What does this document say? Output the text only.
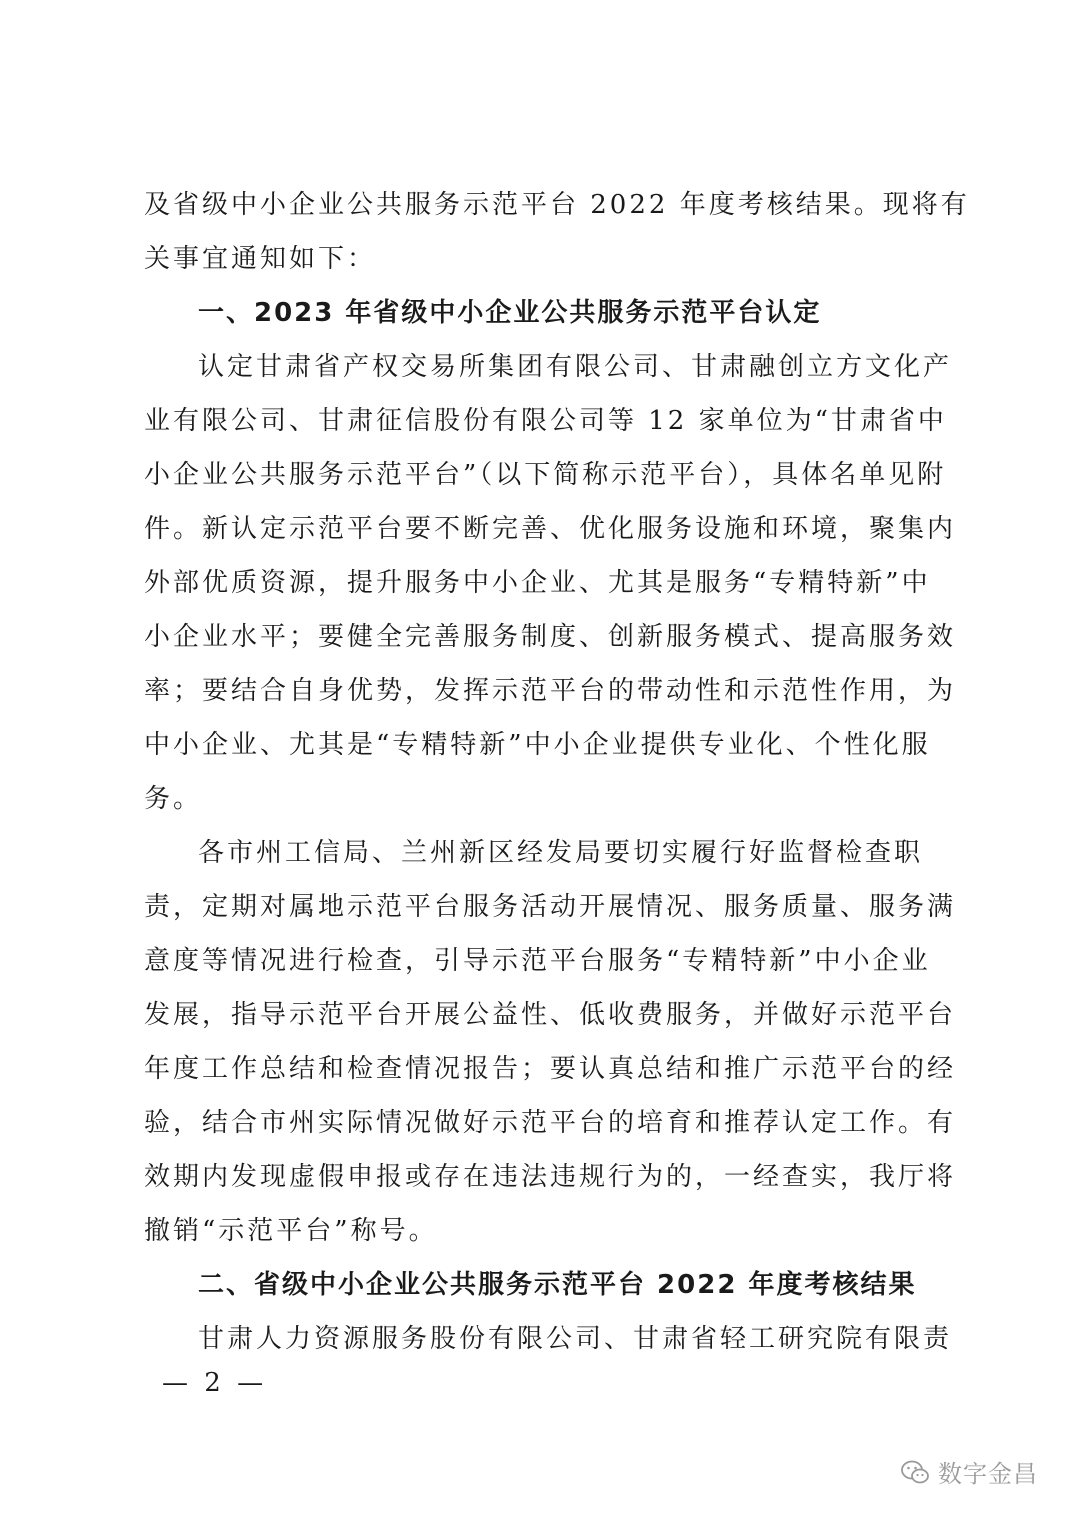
及省级中小企业公共服务示范平台 2022 年度考核结果。现将有
关事宜通知如下：

一、2023 年省级中小企业公共服务示范平台认定

认定甘肃省产权交易所集团有限公司、甘肃融创立方文化产
业有限公司、甘肃征信股份有限公司等 12 家单位为“甘肃省中
小企业公共服务示范平台”（以下简称示范平台），具体名单见附
件。新认定示范平台要不断完善、优化服务设施和环境，聚集内
外部优质资源，提升服务中小企业、尤其是服务“专精特新”中
小企业水平；要健全完善服务制度、创新服务模式、提高服务效
率；要结合自身优势，发挥示范平台的带动性和示范性作用，为
中小企业、尤其是“专精特新”中小企业提供专业化、个性化服
务。

各市州工信局、兰州新区经发局要切实履行好监督检查职
责，定期对属地示范平台服务活动开展情况、服务质量、服务满
意度等情况进行检查，引导示范平台服务“专精特新”中小企业
发展，指导示范平台开展公益性、低收费服务，并做好示范平台
年度工作总结和检查情况报告；要认真总结和推广示范平台的经
验，结合市州实际情况做好示范平台的培育和推荐认定工作。有
效期内发现虚假申报或存在违法违规行为的，一经查实，我厅将
撤销“示范平台”称号。

二、省级中小企业公共服务示范平台 2022 年度考核结果

甘肃人力资源服务股份有限公司、甘肃省轻工研究院有限责

— 2 —
数字金昌
